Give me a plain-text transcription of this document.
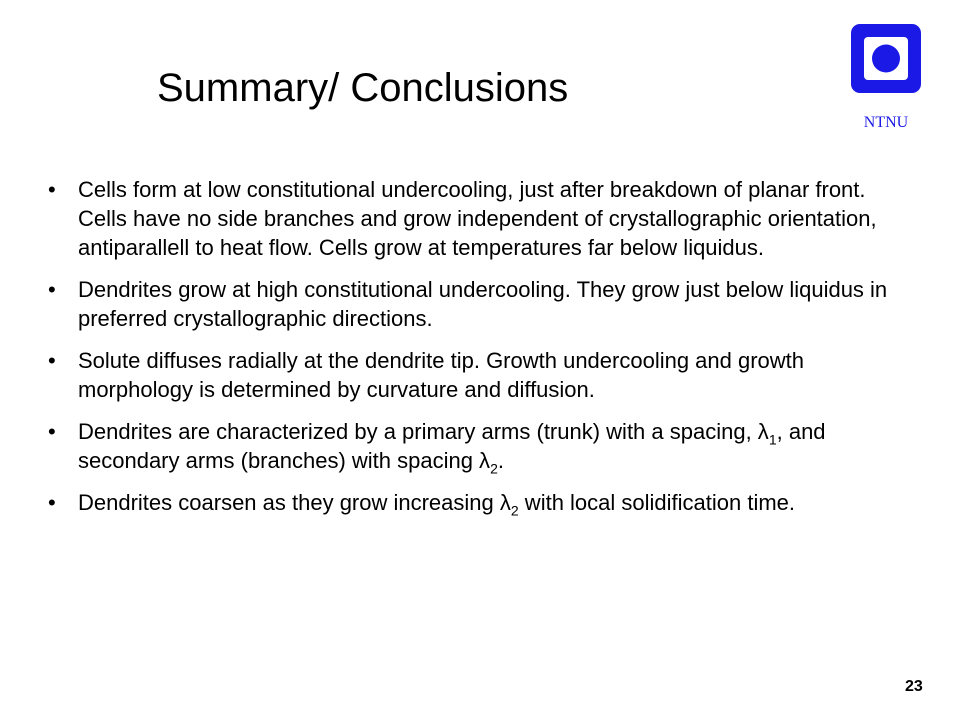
Summary/ Conclusions
NTNU
•	Cells form at low constitutional undercooling, just after breakdown of planar front. Cells have no side branches and grow independent of crystallographic orientation, antiparallell to heat flow. Cells grow at temperatures far below liquidus.
•	Dendrites grow at high constitutional undercooling. They grow just below liquidus in preferred crystallographic directions.
•	Solute diffuses radially at the dendrite tip. Growth undercooling and growth morphology is determined by curvature and diffusion.
•	Dendrites are characterized by a primary arms (trunk) with a spacing, $\lambda_1$, and secondary arms (branches) with spacing $\lambda_2$.
•	Dendrites coarsen as they grow increasing $\lambda_2$ with local solidification time.
23
